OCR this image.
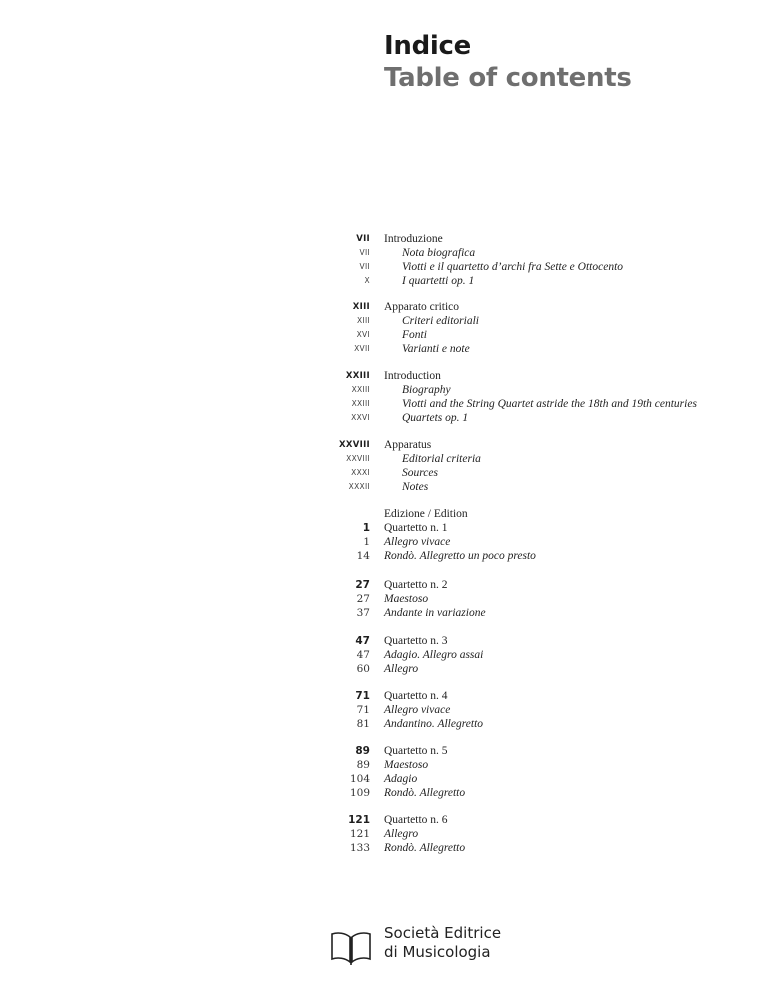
Indice
Table of contents
VII Introduzione
VII	Nota biografica
VII	Viotti e il quartetto d’archi fra Sette e Ottocento
X	I quartetti op. 1
XIII Apparato critico
XIII	Criteri editoriali
XVI	Fonti
XVII	Varianti e note
XXIII Introduction
XXIII	Biography
XXIII	Viotti and the String Quartet astride the 18th and 19th centuries
XXVI	Quartets op. 1
XXVIII Apparatus
XXVIII	Editorial criteria
XXXI	Sources
XXXII	Notes
Edizione / Edition
1 Quartetto n. 1
1 Allegro vivace
14 Rondò. Allegretto un poco presto
27 Quartetto n. 2
27 Maestoso
37 Andante in variazione
47 Quartetto n. 3
47 Adagio. Allegro assai
60 Allegro
71 Quartetto n. 4
71 Allegro vivace
81 Andantino. Allegretto
89 Quartetto n. 5
89 Maestoso
104 Adagio
109 Rondò. Allegretto
121 Quartetto n. 6
121 Allegro
133 Rondò. Allegretto
Società Editrice
di Musicologia
